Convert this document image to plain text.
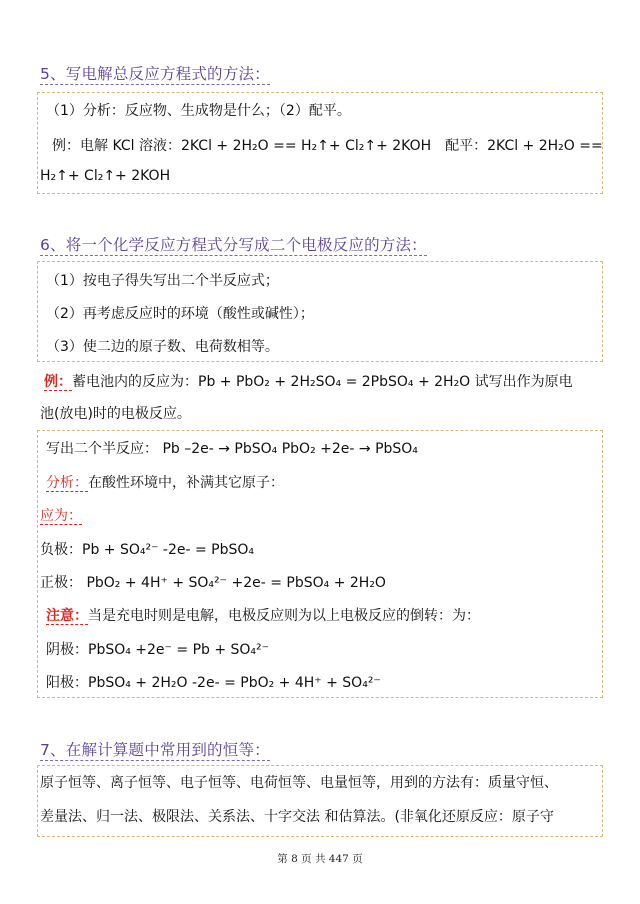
5、写电解总反应方程式的方法：
（1）分析：反应物、生成物是什么；（2）配平。
例：电解 KCl 溶液：2KCl + 2H₂O == H₂↑+ Cl₂↑+ 2KOH　配平：2KCl + 2H₂O ==
H₂↑+ Cl₂↑+ 2KOH
6、将一个化学反应方程式分写成二个电极反应的方法：
（1）按电子得失写出二个半反应式；
（2）再考虑反应时的环境（酸性或碱性）；
（3）使二边的原子数、电荷数相等。
例：蓄电池内的反应为：Pb + PbO₂ + 2H₂SO₄ = 2PbSO₄ + 2H₂O 试写出作为原电
池(放电)时的电极反应。
写出二个半反应： Pb –2e- → PbSO₄ PbO₂ +2e- → PbSO₄
分析：在酸性环境中，补满其它原子：
应为：
负极：Pb + SO₄²⁻ -2e- = PbSO₄
正极： PbO₂ + 4H⁺ + SO₄²⁻ +2e- = PbSO₄ + 2H₂O
注意：当是充电时则是电解，电极反应则为以上电极反应的倒转：为：
阴极：PbSO₄ +2e⁻ = Pb + SO₄²⁻
阳极：PbSO₄ + 2H₂O -2e- = PbO₂ + 4H⁺ + SO₄²⁻
7、在解计算题中常用到的恒等：
原子恒等、离子恒等、电子恒等、电荷恒等、电量恒等，用到的方法有：质量守恒、
差量法、归一法、极限法、关系法、十字交法 和估算法。(非氧化还原反应：原子守
第 8 页 共 447 页
